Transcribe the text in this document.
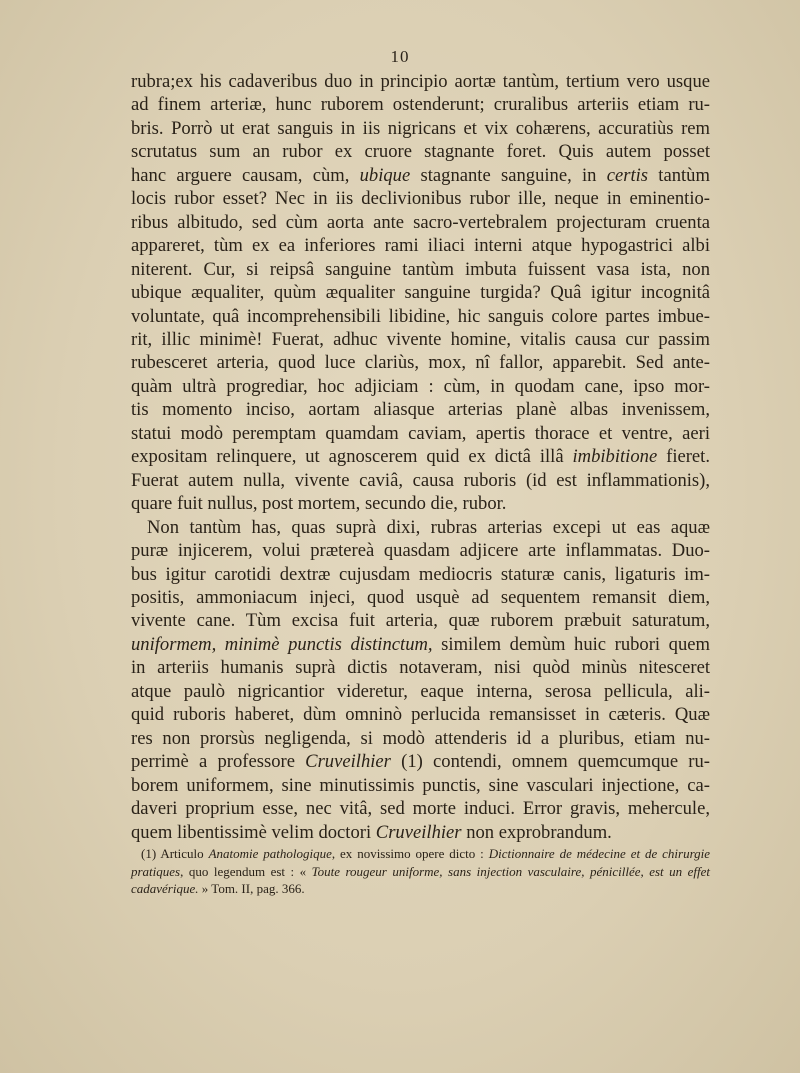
10
rubra;ex his cadaveribus duo in principio aortæ tantùm, tertium vero usque
ad finem arteriæ, hunc ruborem ostenderunt; cruralibus arteriis etiam ru-
bris. Porrò ut erat sanguis in iis nigricans et vix cohærens, accuratiùs rem
scrutatus sum an rubor ex cruore stagnante foret. Quis autem posset
hanc arguere causam, cùm, ubique stagnante sanguine, in certis tantùm
locis rubor esset? Nec in iis declivionibus rubor ille, neque in eminentio-
ribus albitudo, sed cùm aorta ante sacro-vertebralem projecturam cruenta
appareret, tùm ex ea inferiores rami iliaci interni atque hypogastrici albi
niterent. Cur, si reipsâ sanguine tantùm imbuta fuissent vasa ista, non
ubique æqualiter, quùm æqualiter sanguine turgida? Quâ igitur incognitâ
voluntate, quâ incomprehensibili libidine, hic sanguis colore partes imbue-
rit, illic minimè! Fuerat, adhuc vivente homine, vitalis causa cur passim
rubesceret arteria, quod luce clariùs, mox, nî fallor, apparebit. Sed ante-
quàm ultrà progrediar, hoc adjiciam : cùm, in quodam cane, ipso mor-
tis momento inciso, aortam aliasque arterias planè albas invenissem,
statui modò peremptam quamdam caviam, apertis thorace et ventre, aeri
expositam relinquere, ut agnoscerem quid ex dictâ illâ imbibitione fieret.
Fuerat autem nulla, vivente caviâ, causa ruboris (id est inflammationis),
quare fuit nullus, post mortem, secundo die, rubor.
Non tantùm has, quas suprà dixi, rubras arterias excepi ut eas aquæ
puræ injicerem, volui prætereà quasdam adjicere arte inflammatas. Duo-
bus igitur carotidi dextræ cujusdam mediocris staturæ canis, ligaturis im-
positis, ammoniacum injeci, quod usquè ad sequentem remansit diem,
vivente cane. Tùm excisa fuit arteria, quæ ruborem præbuit saturatum,
uniformem, minimè punctis distinctum, similem demùm huic rubori quem
in arteriis humanis suprà dictis notaveram, nisi quòd minùs nitesceret
atque paulò nigricantior videretur, eaque interna, serosa pellicula, ali-
quid ruboris haberet, dùm omninò perlucida remansisset in cæteris. Quæ
res non prorsùs negligenda, si modò attenderis id a pluribus, etiam nu-
perrimè a professore Cruveilhier (1) contendi, omnem quemcumque ru-
borem uniformem, sine minutissimis punctis, sine vasculari injectione, ca-
daveri proprium esse, nec vitâ, sed morte induci. Error gravis, mehercule,
quem libentissimè velim doctori Cruveilhier non exprobrandum.
(1) Articulo Anatomie pathologique, ex novissimo opere dicto : Dictionnaire de médecine et de chirurgie pratiques, quo legendum est : « Toute rougeur uniforme, sans injection vasculaire, pénicillée, est un effet cadavérique. » Tom. II, pag. 366.
